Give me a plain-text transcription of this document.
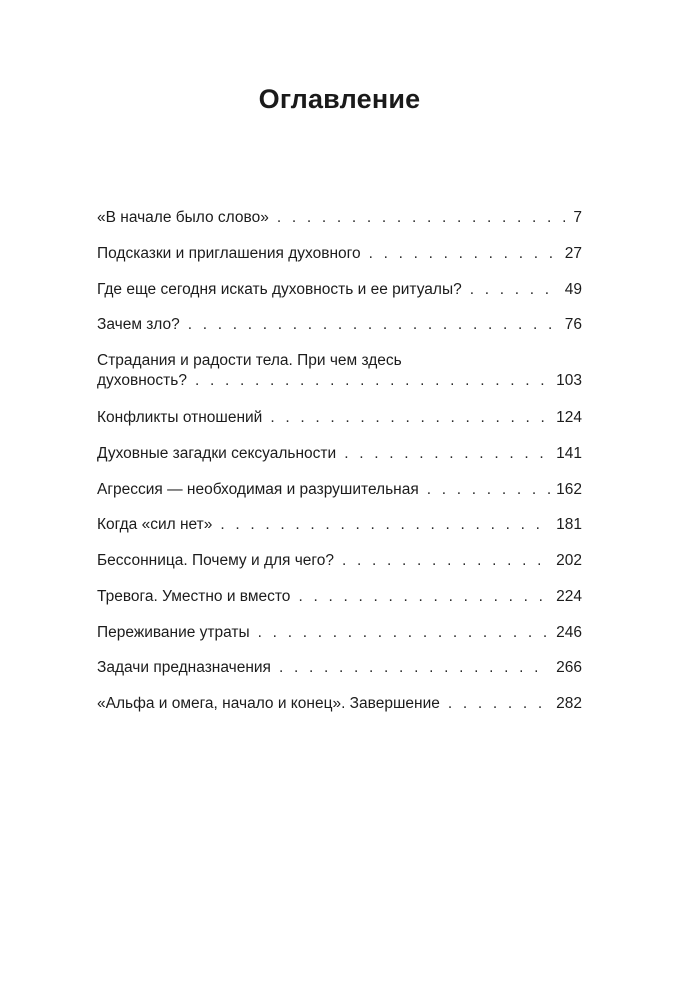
Оглавление
«В начале было слово» . . .	7
Подсказки и приглашения духовного . . .	27
Где еще сегодня искать духовность и ее ритуалы? . . .	49
Зачем зло? . . .	76
Страдания и радости тела. При чем здесь
духовность? . . .	103
Конфликты отношений . . .	124
Духовные загадки сексуальности . . .	141
Агрессия — необходимая и разрушительная . . .	162
Когда «сил нет» . . .	181
Бессонница. Почему и для чего? . . .	202
Тревога. Уместно и вместо . . .	224
Переживание утраты . . .	246
Задачи предназначения . . .	266
«Альфа и омега, начало и конец». Завершение . . .	282
